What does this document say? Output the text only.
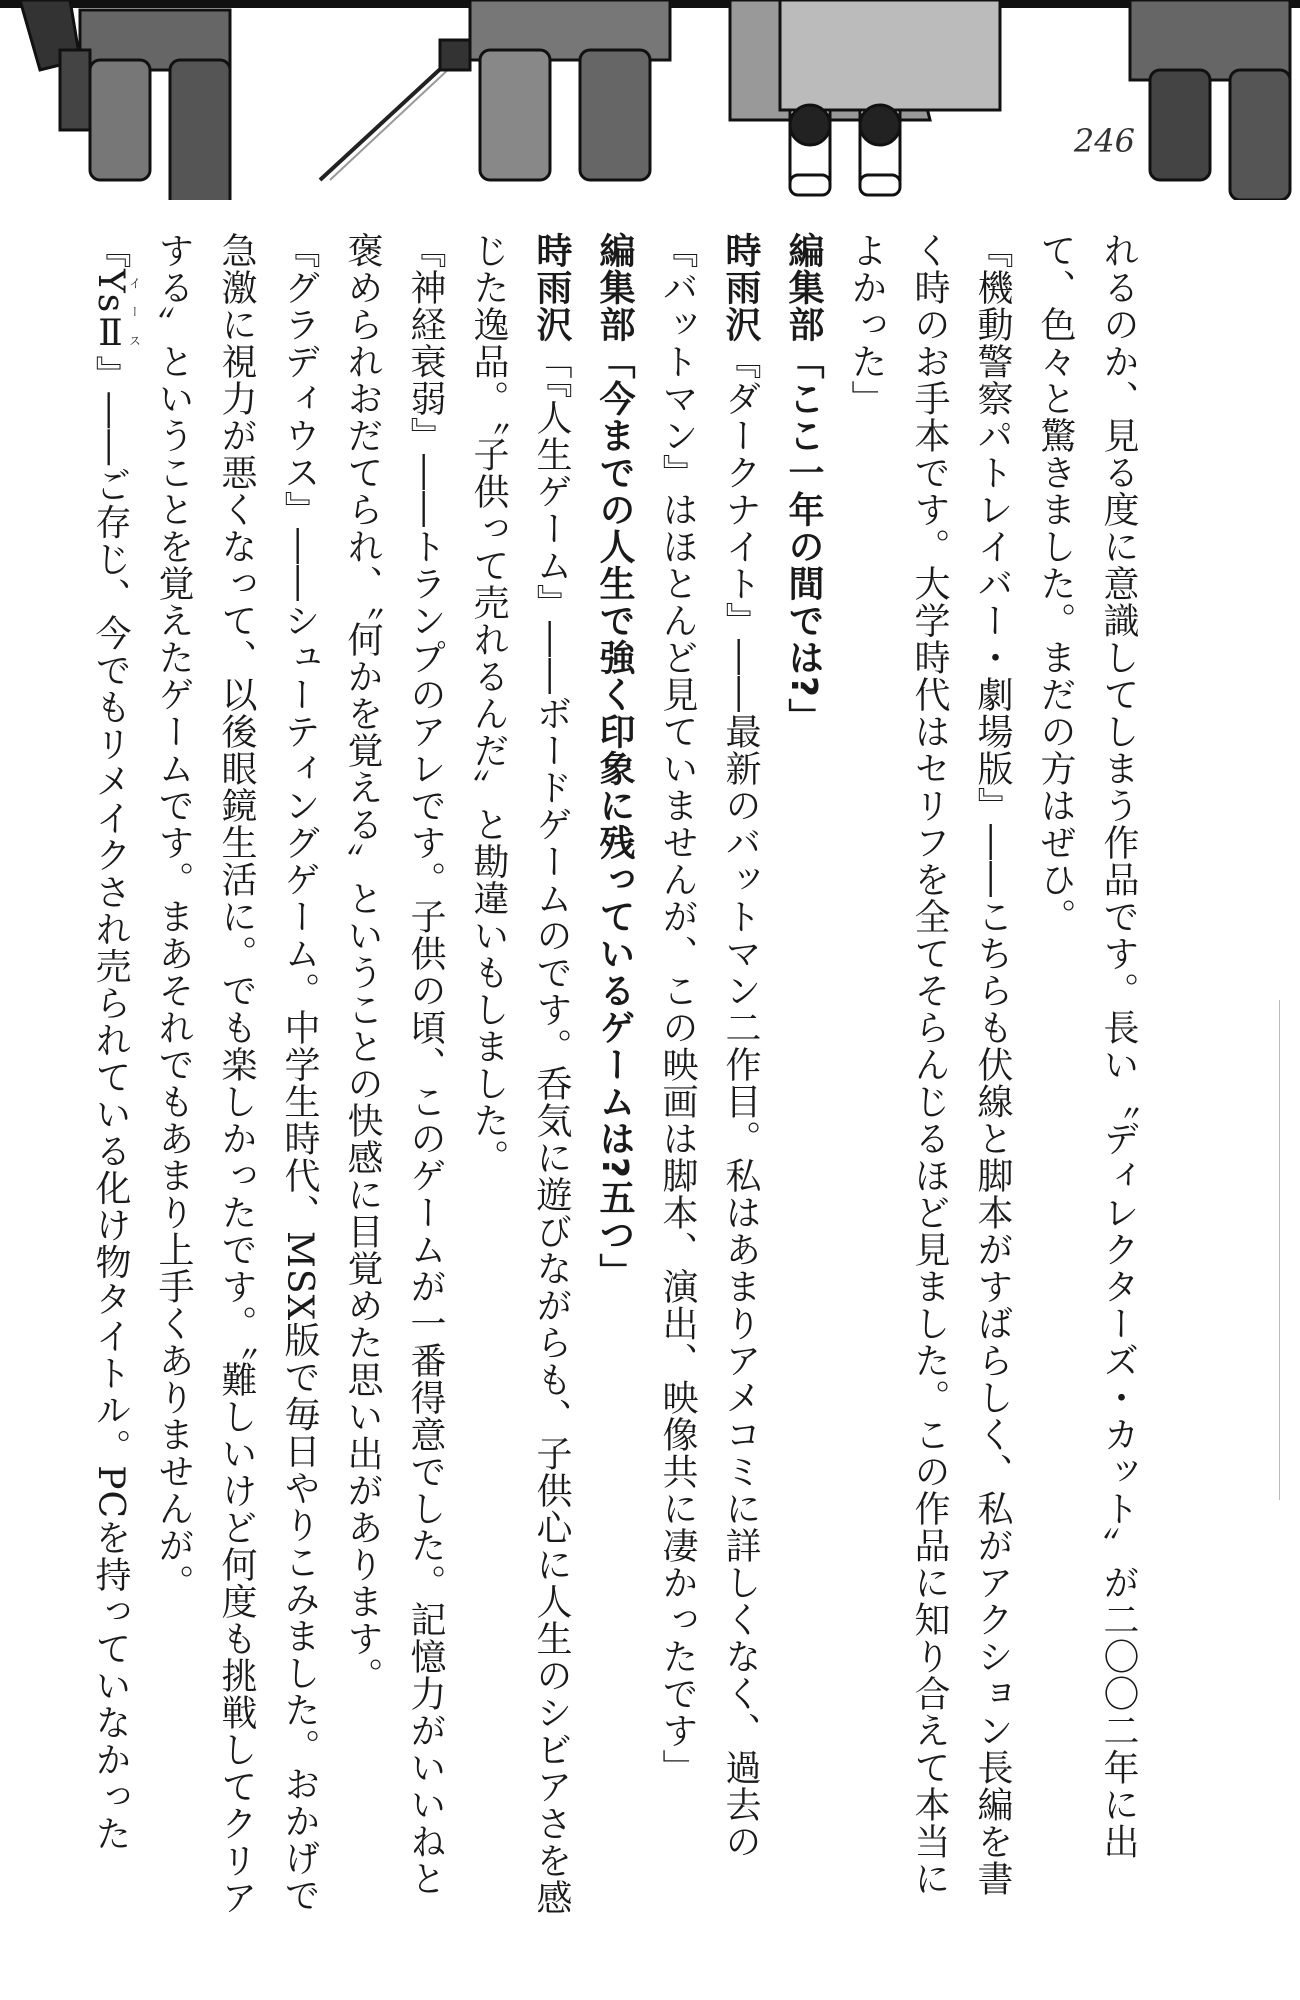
246

れるのか、見る度に意識してしまう作品です。長い〝ディレクターズ・カット〟が二〇〇二年に出て、色々と驚きました。まだの方はぜひ。

『機動警察パトレイバー・劇場版』――こちらも伏線と脚本がすばらしく、私がアクション長編を書く時のお手本です。大学時代はセリフを全てそらんじるほど見ました。この作品に知り合えて本当によかった」

編集部「ここ一年の間では?」

時雨沢『ダークナイト』――最新のバットマン二作目。私はあまりアメコミに詳しくなく、過去の『バットマン』はほとんど見ていませんが、この映画は脚本、演出、映像共に凄かったです」

編集部「今までの人生で強く印象に残っているゲームは?五つ」

時雨沢「『人生ゲーム』――ボードゲームのです。呑気に遊びながらも、子供心に人生のシビアさを感じた逸品。〝子供って売れるんだ〟と勘違いもしました。

『神経衰弱』――トランプのアレです。子供の頃、このゲームが一番得意でした。記憶力がいいねと褒められおだてられ、〝何かを覚える〟ということの快感に目覚めた思い出があります。

『グラディウス』――シューティングゲーム。中学生時代、MSX版で毎日やりこみました。おかげで急激に視力が悪くなって、以後眼鏡生活に。でも楽しかったです。〝難しいけど何度も挑戦してクリアする〟ということを覚えたゲームです。まあそれでもあまり上手くありませんが。

『YsⅡイース』――ご存じ、今でもリメイクされ売られている化け物タイトル。PCを持っていなかった
